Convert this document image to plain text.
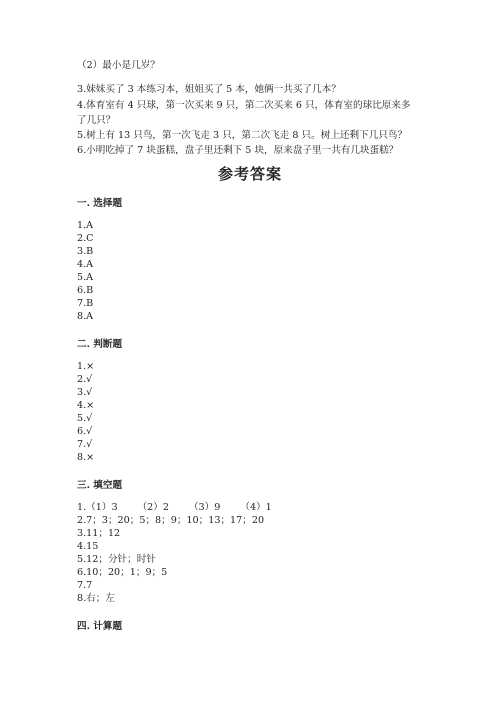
（2）最小是几岁？
3.妹妹买了 3 本练习本，姐姐买了 5 本，她俩一共买了几本？
4.体育室有 4 只球，第一次买来 9 只，第二次买来 6 只，体育室的球比原来多
了几只？
5.树上有 13 只鸟，第一次飞走 3 只，第二次飞走 8 只。树上还剩下几只鸟？
6.小明吃掉了 7 块蛋糕，盘子里还剩下 5 块，原来盘子里一共有几块蛋糕？
参考答案
一. 选择题
1.A
2.C
3.B
4.A
5.A
6.B
7.B
8.A
二. 判断题
1.×
2.√
3.√
4.×
5.√
6.√
7.√
8.×
三. 填空题
1.（1）3 （2）2 （3）9 （4）1
2.7；3；20；5；8；9；10；13；17；20
3.11；12
4.15
5.12；分针；时针
6.10；20；1；9；5
7.7
8.右；左
四. 计算题
